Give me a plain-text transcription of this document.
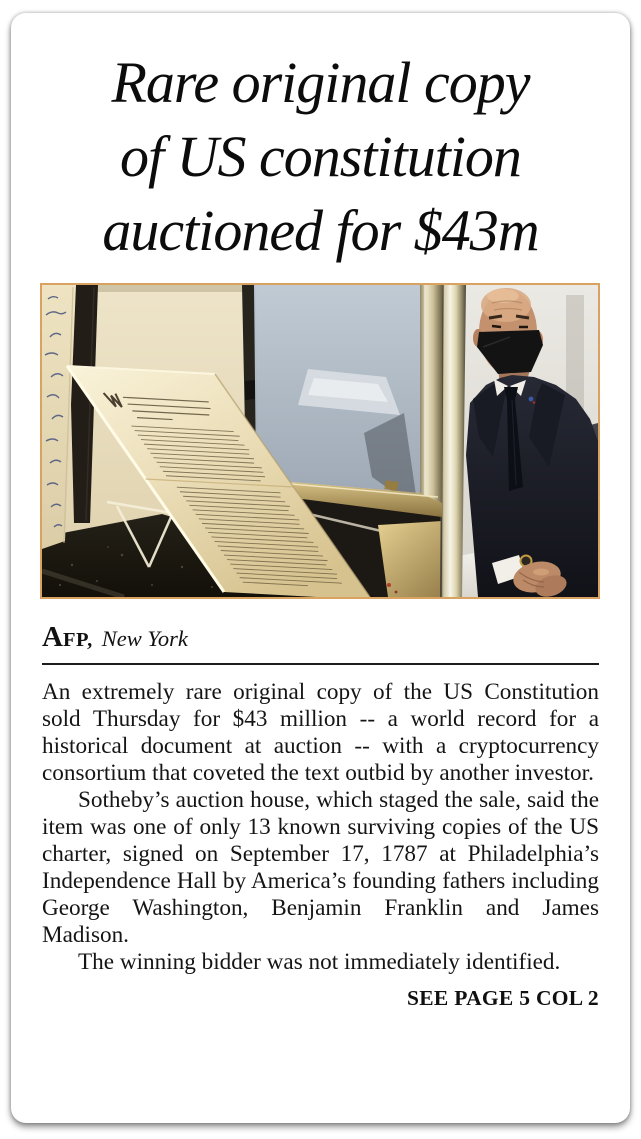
Rare original copy
of US constitution
auctioned for $43m
AFP, New York

An extremely rare original copy of the US Constitution sold Thursday for $43 million -- a world record for a historical document at auction -- with a cryptocurrency consortium that coveted the text outbid by another investor.

Sotheby’s auction house, which staged the sale, said the item was one of only 13 known surviving copies of the US charter, signed on September 17, 1787 at Philadelphia’s Independence Hall by America’s founding fathers including George Washington, Benjamin Franklin and James Madison.

The winning bidder was not immediately identified.

SEE PAGE 5 COL 2
